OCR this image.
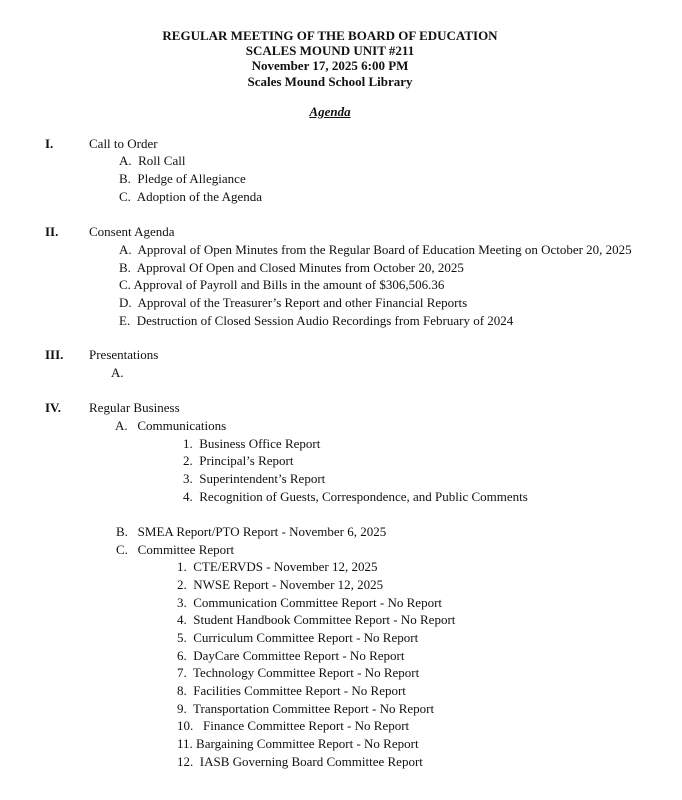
REGULAR MEETING OF THE BOARD OF EDUCATION
SCALES MOUND UNIT #211
November 17, 2025 6:00 PM
Scales Mound School Library
Agenda
I.	Call to Order
A. Roll Call
B. Pledge of Allegiance
C. Adoption of the Agenda
II. Consent Agenda
A. Approval of Open Minutes from the Regular Board of Education Meeting on October 20, 2025
B. Approval Of Open and Closed Minutes from October 20, 2025
C. Approval of Payroll and Bills in the amount of $306,506.36
D. Approval of the Treasurer’s Report and other Financial Reports
E. Destruction of Closed Session Audio Recordings from February of 2024
III. Presentations
A.
IV. Regular Business
A. Communications
1. Business Office Report
2. Principal’s Report
3. Superintendent’s Report
4. Recognition of Guests, Correspondence, and Public Comments
B. SMEA Report/PTO Report - November 6, 2025
C. Committee Report
1. CTE/ERVDS - November 12, 2025
2. NWSE Report - November 12, 2025
3. Communication Committee Report - No Report
4. Student Handbook Committee Report - No Report
5. Curriculum Committee Report - No Report
6. DayCare Committee Report - No Report
7. Technology Committee Report - No Report
8. Facilities Committee Report - No Report
9. Transportation Committee Report - No Report
10. Finance Committee Report - No Report
11. Bargaining Committee Report - No Report
12. IASB Governing Board Committee Report
